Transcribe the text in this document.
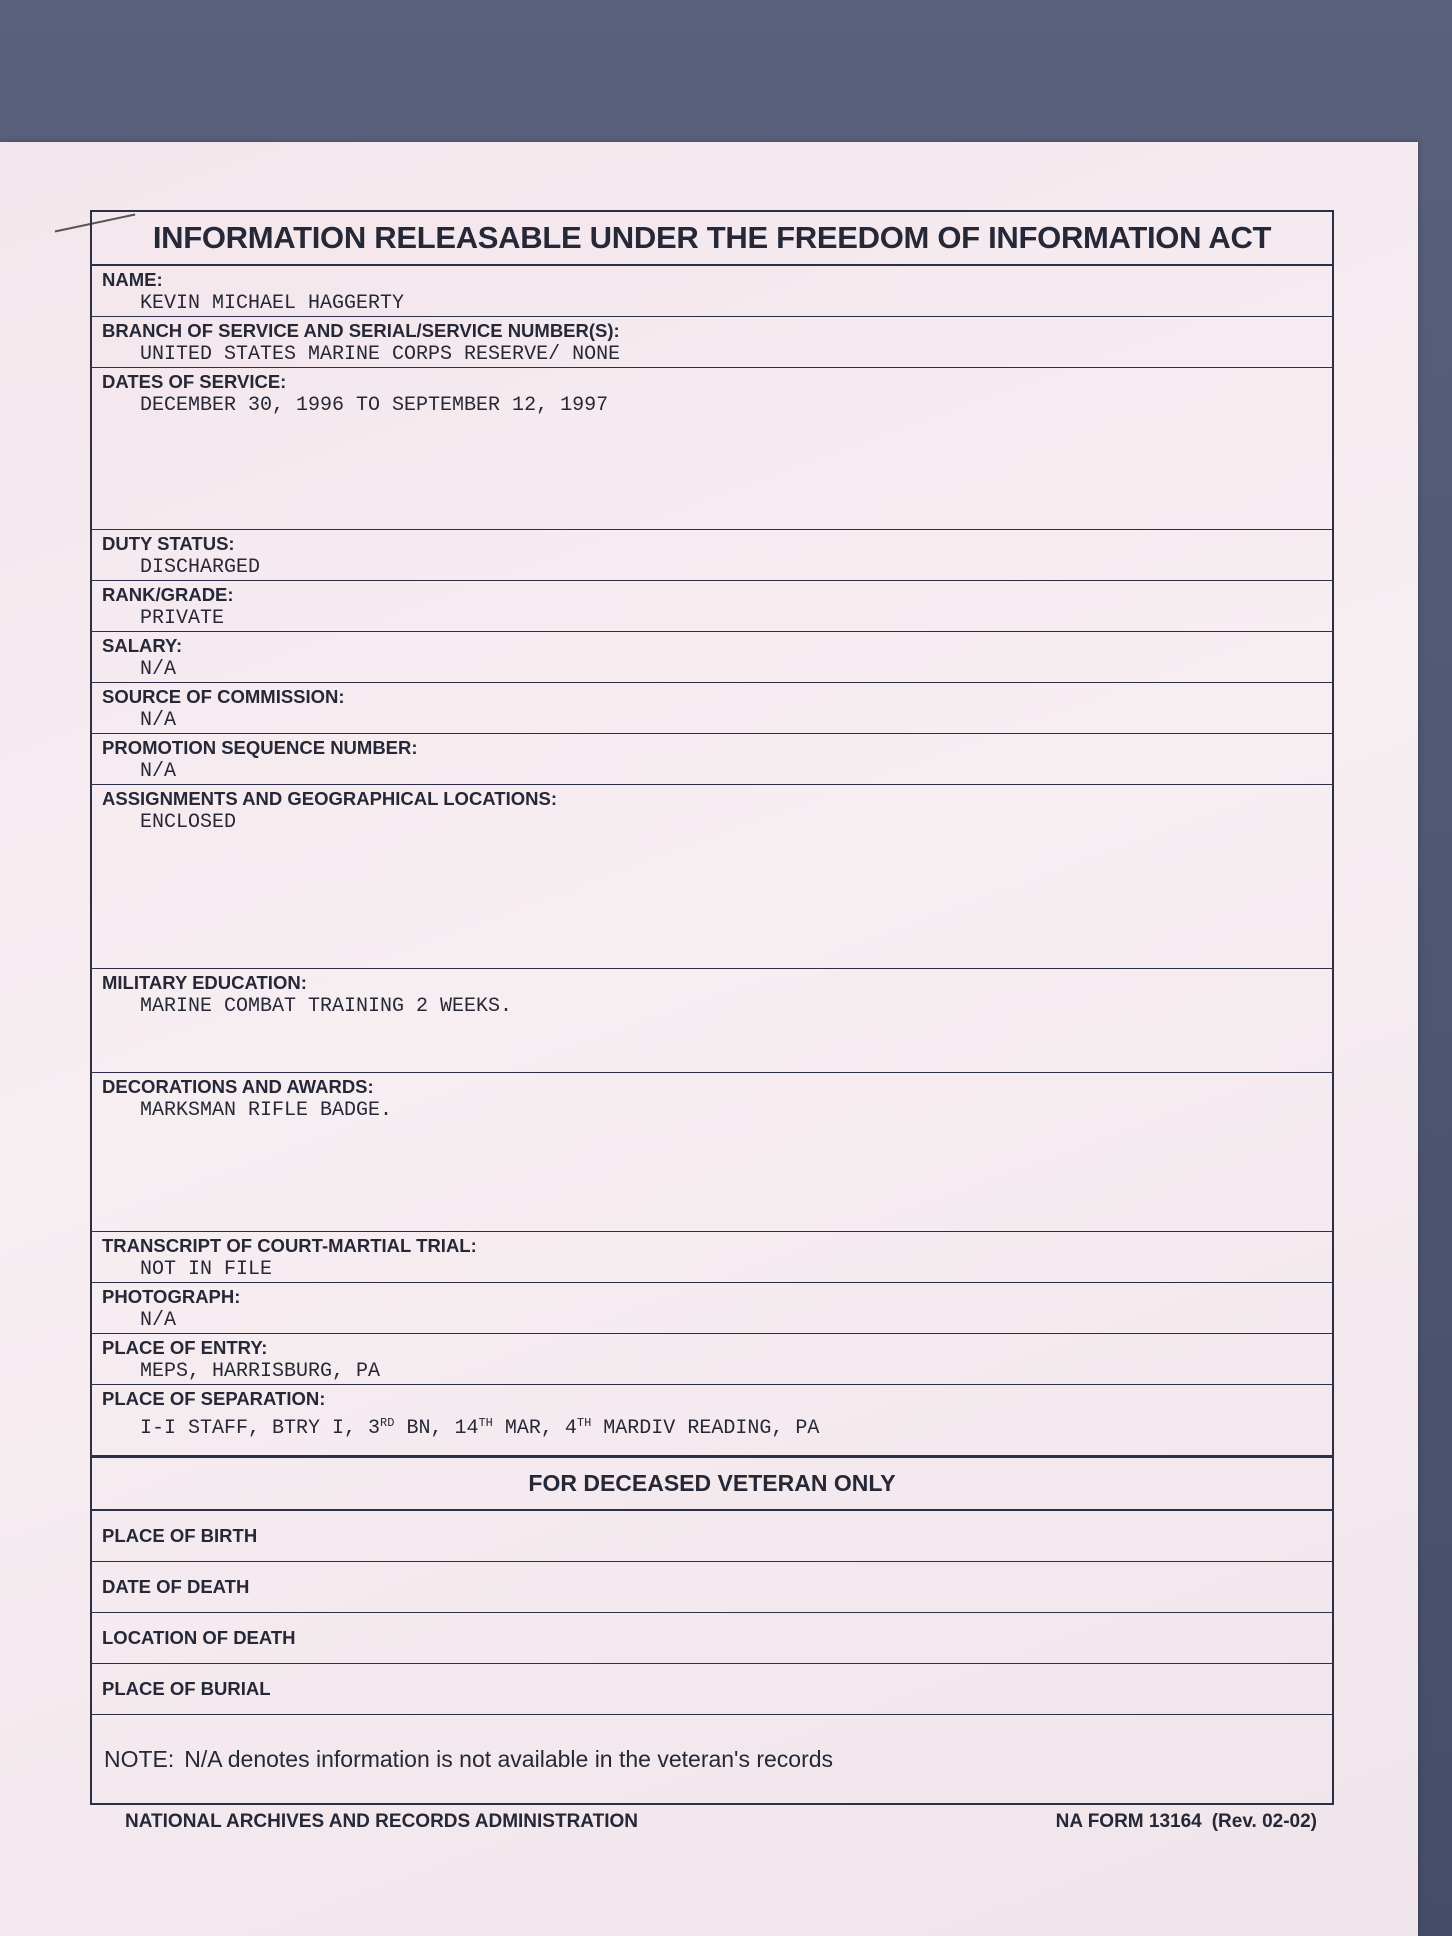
INFORMATION RELEASABLE UNDER THE FREEDOM OF INFORMATION ACT
NAME:
KEVIN MICHAEL HAGGERTY
BRANCH OF SERVICE AND SERIAL/SERVICE NUMBER(S):
UNITED STATES MARINE CORPS RESERVE/ NONE
DATES OF SERVICE:
DECEMBER 30, 1996 TO SEPTEMBER 12, 1997
DUTY STATUS:
DISCHARGED
RANK/GRADE:
PRIVATE
SALARY:
N/A
SOURCE OF COMMISSION:
N/A
PROMOTION SEQUENCE NUMBER:
N/A
ASSIGNMENTS AND GEOGRAPHICAL LOCATIONS:
ENCLOSED
MILITARY EDUCATION:
MARINE COMBAT TRAINING 2 WEEKS.
DECORATIONS AND AWARDS:
MARKSMAN RIFLE BADGE.
TRANSCRIPT OF COURT-MARTIAL TRIAL:
NOT IN FILE
PHOTOGRAPH:
N/A
PLACE OF ENTRY:
MEPS, HARRISBURG, PA
PLACE OF SEPARATION:
I-I STAFF, BTRY I, 3RD BN, 14TH MAR, 4TH MARDIV READING, PA
FOR DECEASED VETERAN ONLY
PLACE OF BIRTH
DATE OF DEATH
LOCATION OF DEATH
PLACE OF BURIAL
NOTE: N/A denotes information is not available in the veteran's records
NATIONAL ARCHIVES AND RECORDS ADMINISTRATION	NA FORM 13164 (Rev. 02-02)
